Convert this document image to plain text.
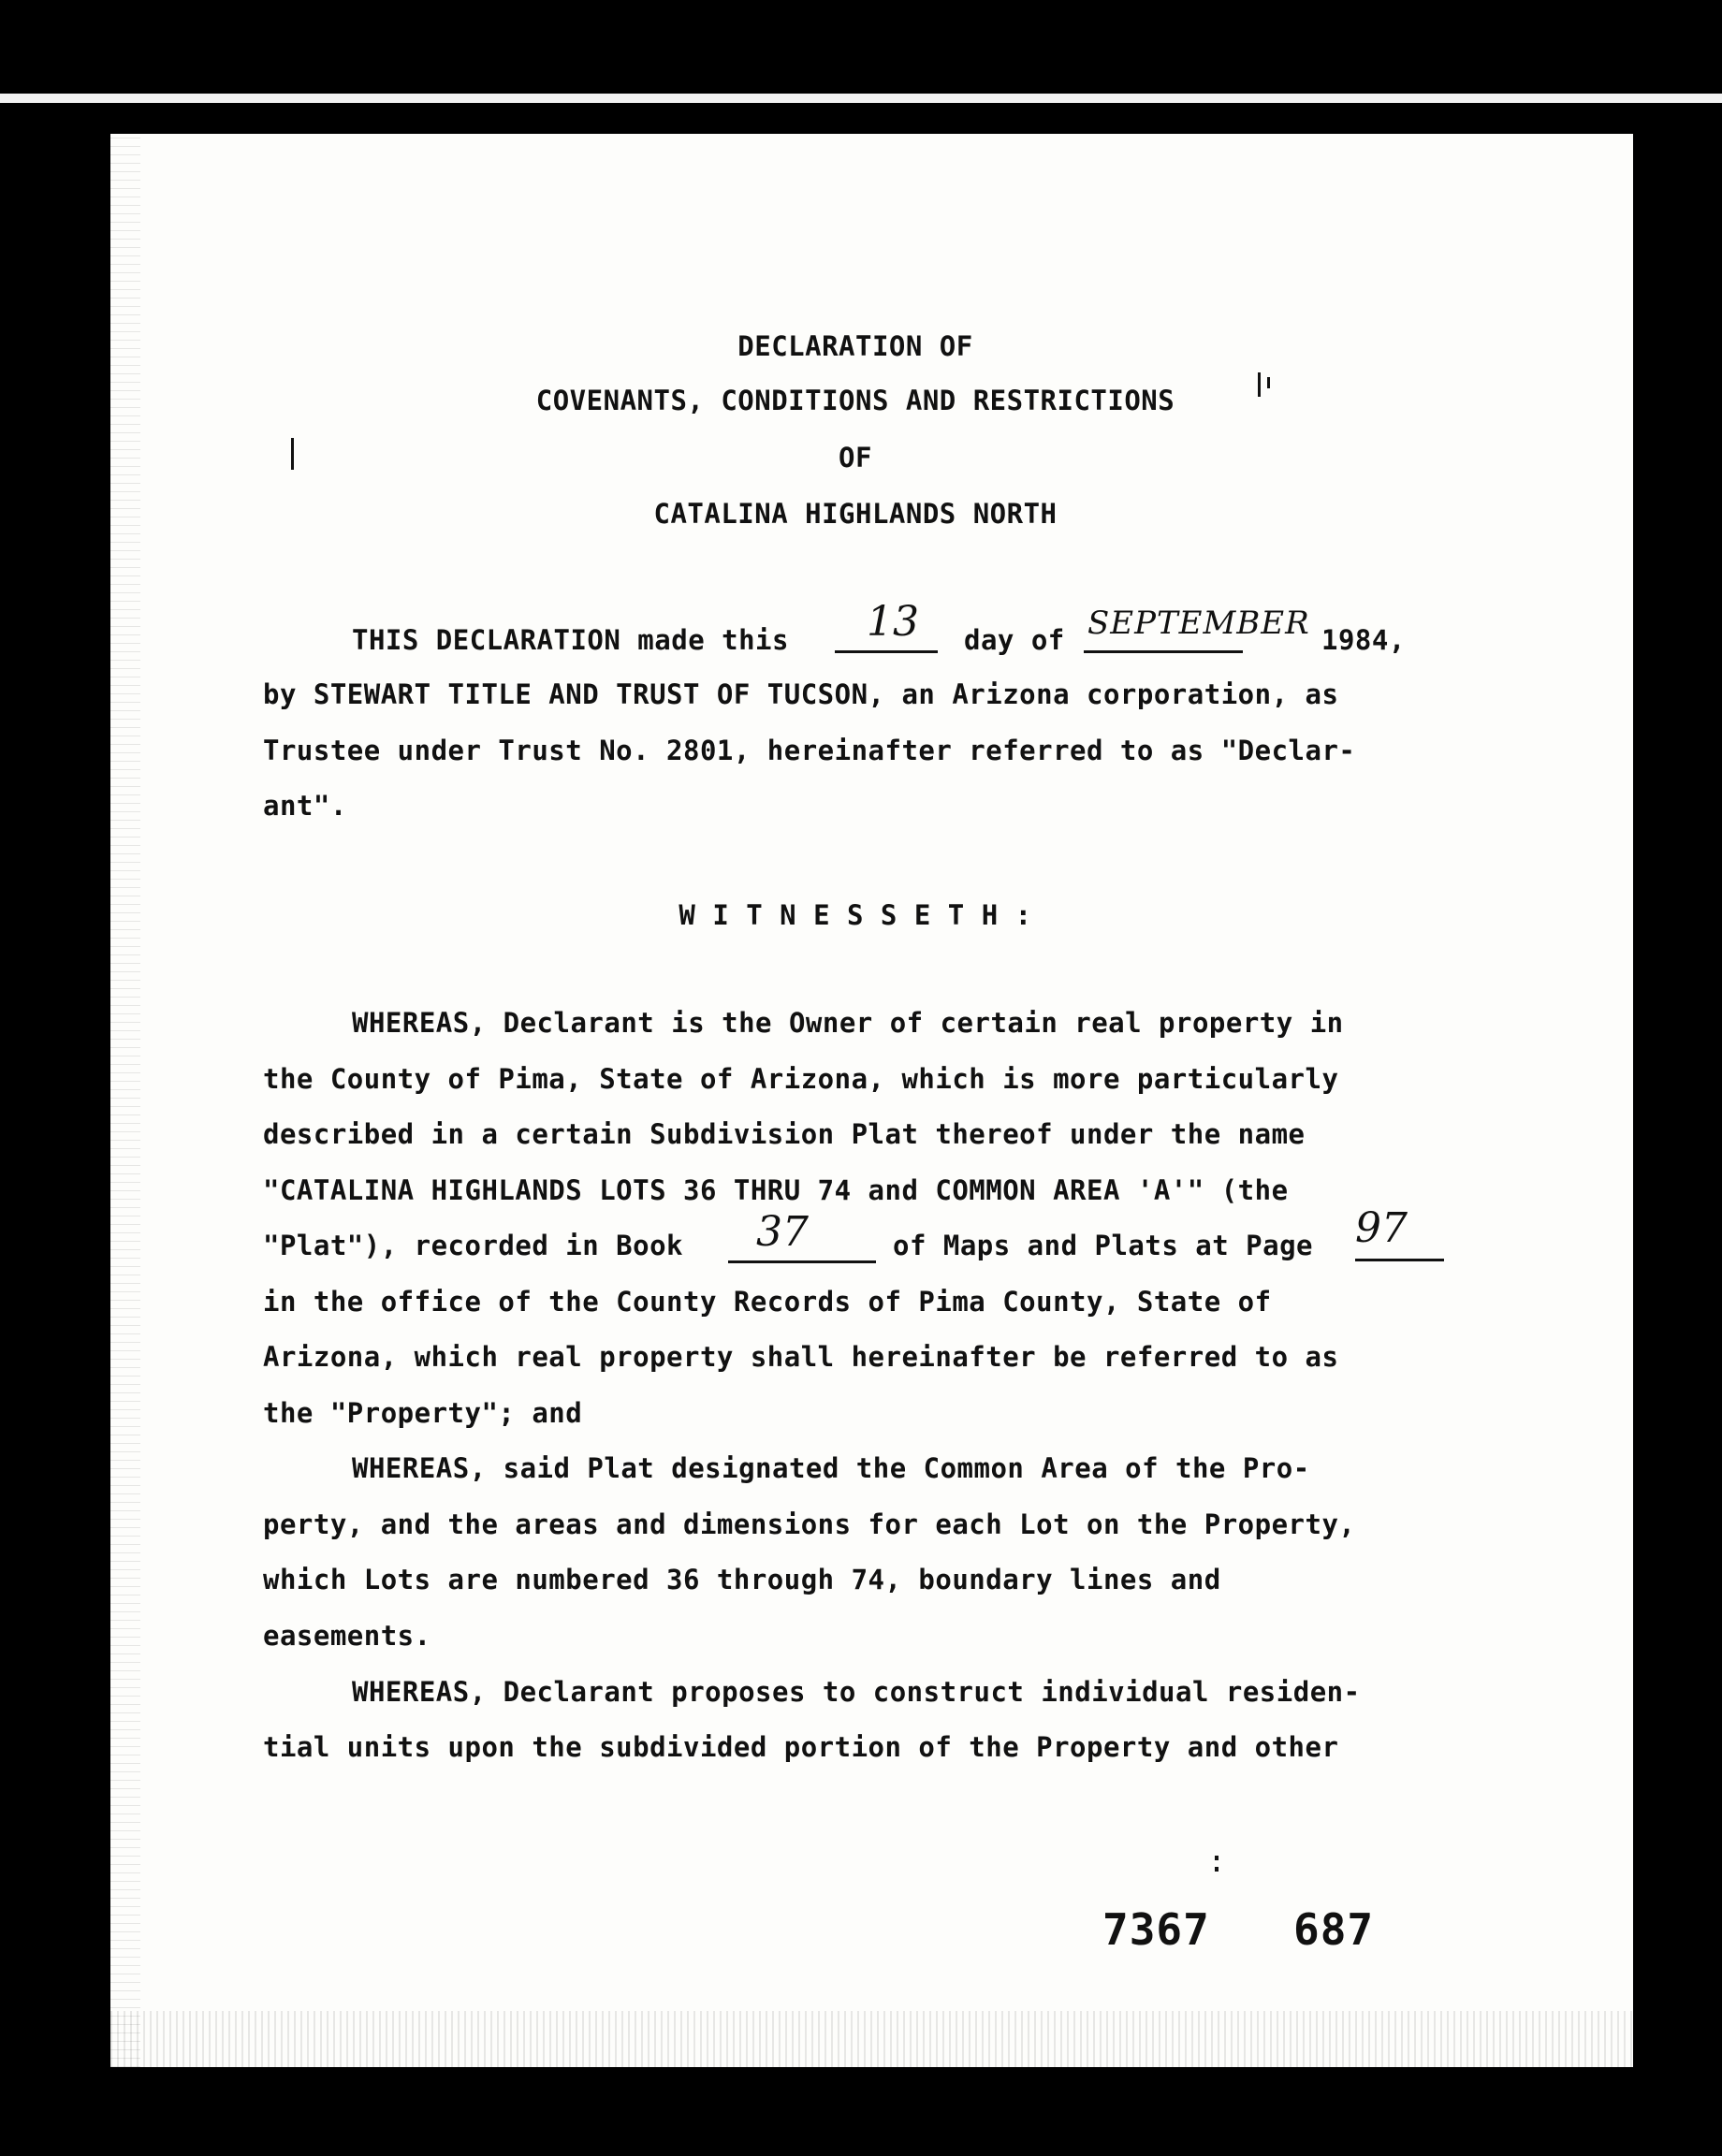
DECLARATION OF
COVENANTS, CONDITIONS AND RESTRICTIONS
OF
CATALINA HIGHLANDS NORTH
THIS DECLARATION made this 13 day of SEPTEMBER 1984,
by STEWART TITLE AND TRUST OF TUCSON, an Arizona corporation, as
Trustee under Trust No. 2801, hereinafter referred to as "Declar-
ant".
W I T N E S S E T H :
WHEREAS, Declarant is the Owner of certain real property in
the County of Pima, State of Arizona, which is more particularly
described in a certain Subdivision Plat thereof under the name
"CATALINA HIGHLANDS LOTS 36 THRU 74 and COMMON AREA 'A'" (the
"Plat"), recorded in Book 37	of Maps and Plats at Page 97
in the office of the County Records of Pima County, State of
Arizona, which real property shall hereinafter be referred to as
the "Property"; and
WHEREAS, said Plat designated the Common Area of the Pro-
perty, and the areas and dimensions for each Lot on the Property,
which Lots are numbered 36 through 74, boundary lines and
easements.
WHEREAS, Declarant proposes to construct individual residen-
tial units upon the subdivided portion of the Property and other
7367 687
